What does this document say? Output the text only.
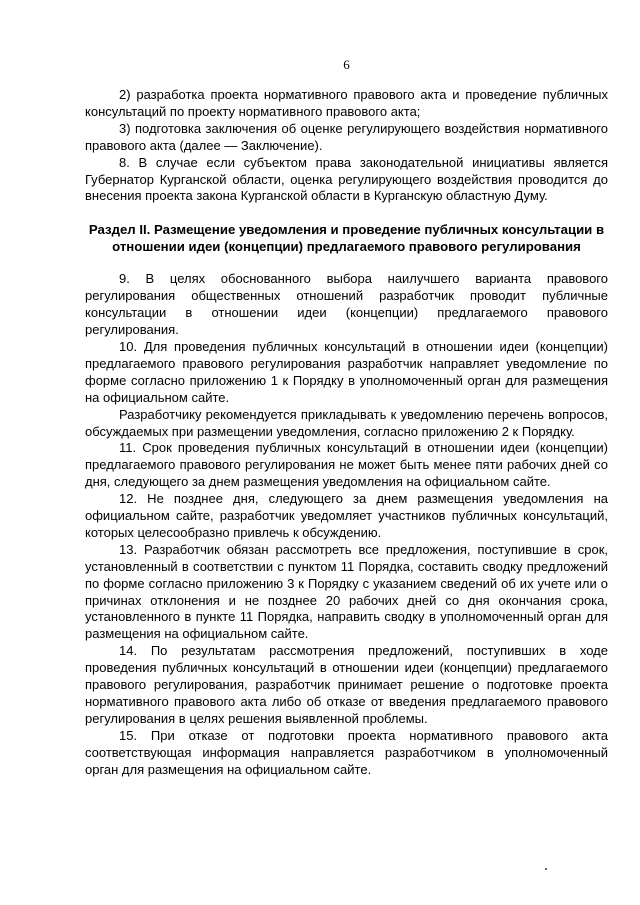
6

2) разработка проекта нормативного правового акта и проведение публичных консультаций по проекту нормативного правового акта;

3) подготовка заключения об оценке регулирующего воздействия нормативного правового акта (далее — Заключение).

8. В случае если субъектом права законодательной инициативы является Губернатор Курганской области, оценка регулирующего воздействия проводится до внесения проекта закона Курганской области в Курганскую областную Думу.

Раздел II. Размещение уведомления и проведение публичных консультации в отношении идеи (концепции) предлагаемого правового регулирования

9. В целях обоснованного выбора наилучшего варианта правового регулирования общественных отношений разработчик проводит публичные консультации в отношении идеи (концепции) предлагаемого правового регулирования.

10. Для проведения публичных консультаций в отношении идеи (концепции) предлагаемого правового регулирования разработчик направляет уведомление по форме согласно приложению 1 к Порядку в уполномоченный орган для размещения на официальном сайте.

Разработчику рекомендуется прикладывать к уведомлению перечень вопросов, обсуждаемых при размещении уведомления, согласно приложению 2 к Порядку.

11. Срок проведения публичных консультаций в отношении идеи (концепции) предлагаемого правового регулирования не может быть менее пяти рабочих дней со дня, следующего за днем размещения уведомления на официальном сайте.

12. Не позднее дня, следующего за днем размещения уведомления на официальном сайте, разработчик уведомляет участников публичных консультаций, которых целесообразно привлечь к обсуждению.

13. Разработчик обязан рассмотреть все предложения, поступившие в срок, установленный в соответствии с пунктом 11 Порядка, составить сводку предложений по форме согласно приложению 3 к Порядку с указанием сведений об их учете или о причинах отклонения и не позднее 20 рабочих дней со дня окончания срока, установленного в пункте 11 Порядка, направить сводку в уполномоченный орган для размещения на официальном сайте.

14. По результатам рассмотрения предложений, поступивших в ходе проведения публичных консультаций в отношении идеи (концепции) предлагаемого правового регулирования, разработчик принимает решение о подготовке проекта нормативного правового акта либо об отказе от введения предлагаемого правового регулирования в целях решения выявленной проблемы.

15. При отказе от подготовки проекта нормативного правового акта соответствующая информация направляется разработчиком в уполномоченный орган для размещения на официальном сайте.
